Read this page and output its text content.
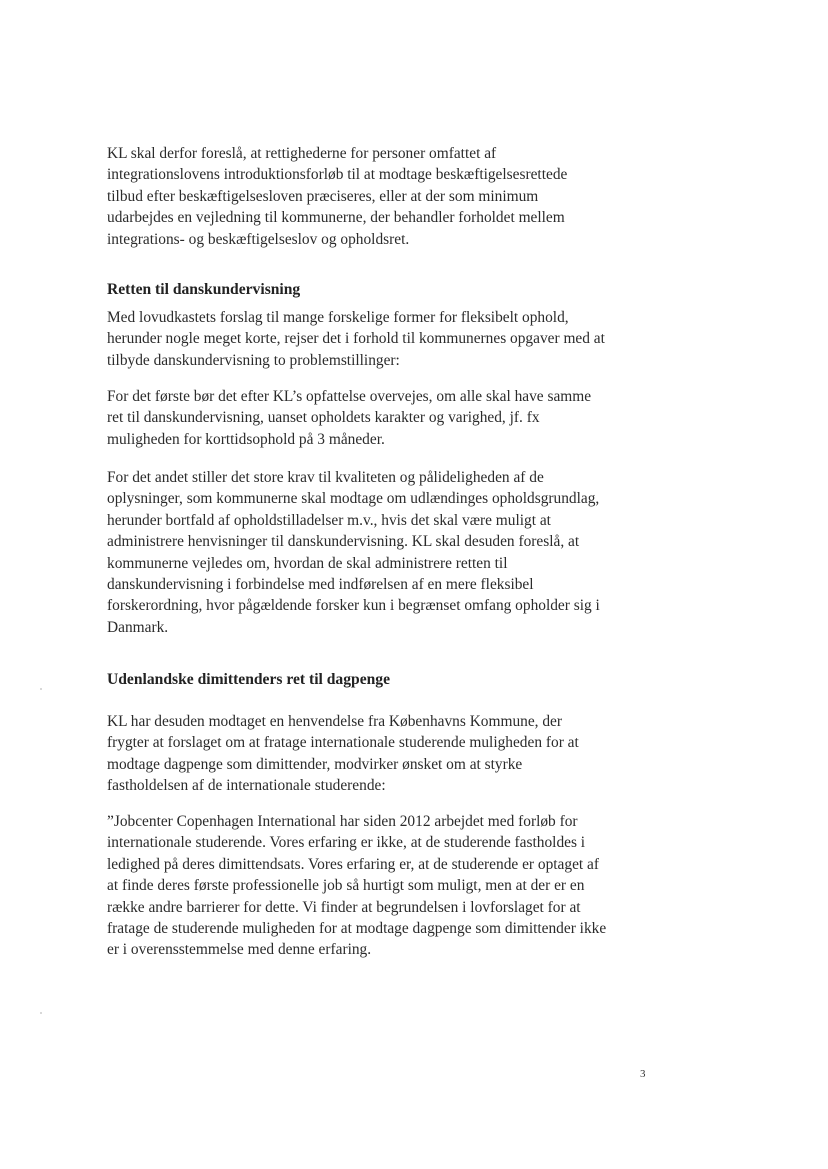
KL skal derfor foreslå, at rettighederne for personer omfattet af integrationslovens introduktionsforløb til at modtage beskæftigelsesrettede tilbud efter beskæftigelsesloven præciseres, eller at der som minimum udarbejdes en vejledning til kommunerne, der behandler forholdet mellem integrations- og beskæftigelseslov og opholdsret.

Retten til danskundervisning

Med lovudkastets forslag til mange forskelige former for fleksibelt ophold, herunder nogle meget korte, rejser det i forhold til kommunernes opgaver med at tilbyde danskundervisning to problemstillinger:

For det første bør det efter KL’s opfattelse overvejes, om alle skal have samme ret til danskundervisning, uanset opholdets karakter og varighed, jf. fx muligheden for korttidsophold på 3 måneder.

For det andet stiller det store krav til kvaliteten og pålideligheden af de oplysninger, som kommunerne skal modtage om udlændinges opholdsgrundlag, herunder bortfald af opholdstilladelser m.v., hvis det skal være muligt at administrere henvisninger til danskundervisning. KL skal desuden foreslå, at kommunerne vejledes om, hvordan de skal administrere retten til danskundervisning i forbindelse med indførelsen af en mere fleksibel forskerordning, hvor pågældende forsker kun i begrænset omfang opholder sig i Danmark.

Udenlandske dimittenders ret til dagpenge

KL har desuden modtaget en henvendelse fra Københavns Kommune, der frygter at forslaget om at fratage internationale studerende muligheden for at modtage dagpenge som dimittender, modvirker ønsket om at styrke fastholdelsen af de internationale studerende:

”Jobcenter Copenhagen International har siden 2012 arbejdet med forløb for internationale studerende. Vores erfaring er ikke, at de studerende fastholdes i ledighed på deres dimittendsats. Vores erfaring er, at de studerende er optaget af at finde deres første professionelle job så hurtigt som muligt, men at der er en række andre barrierer for dette. Vi finder at begrundelsen i lovforslaget for at fratage de studerende muligheden for at modtage dagpenge som dimittender ikke er i overensstemmelse med denne erfaring.

3
